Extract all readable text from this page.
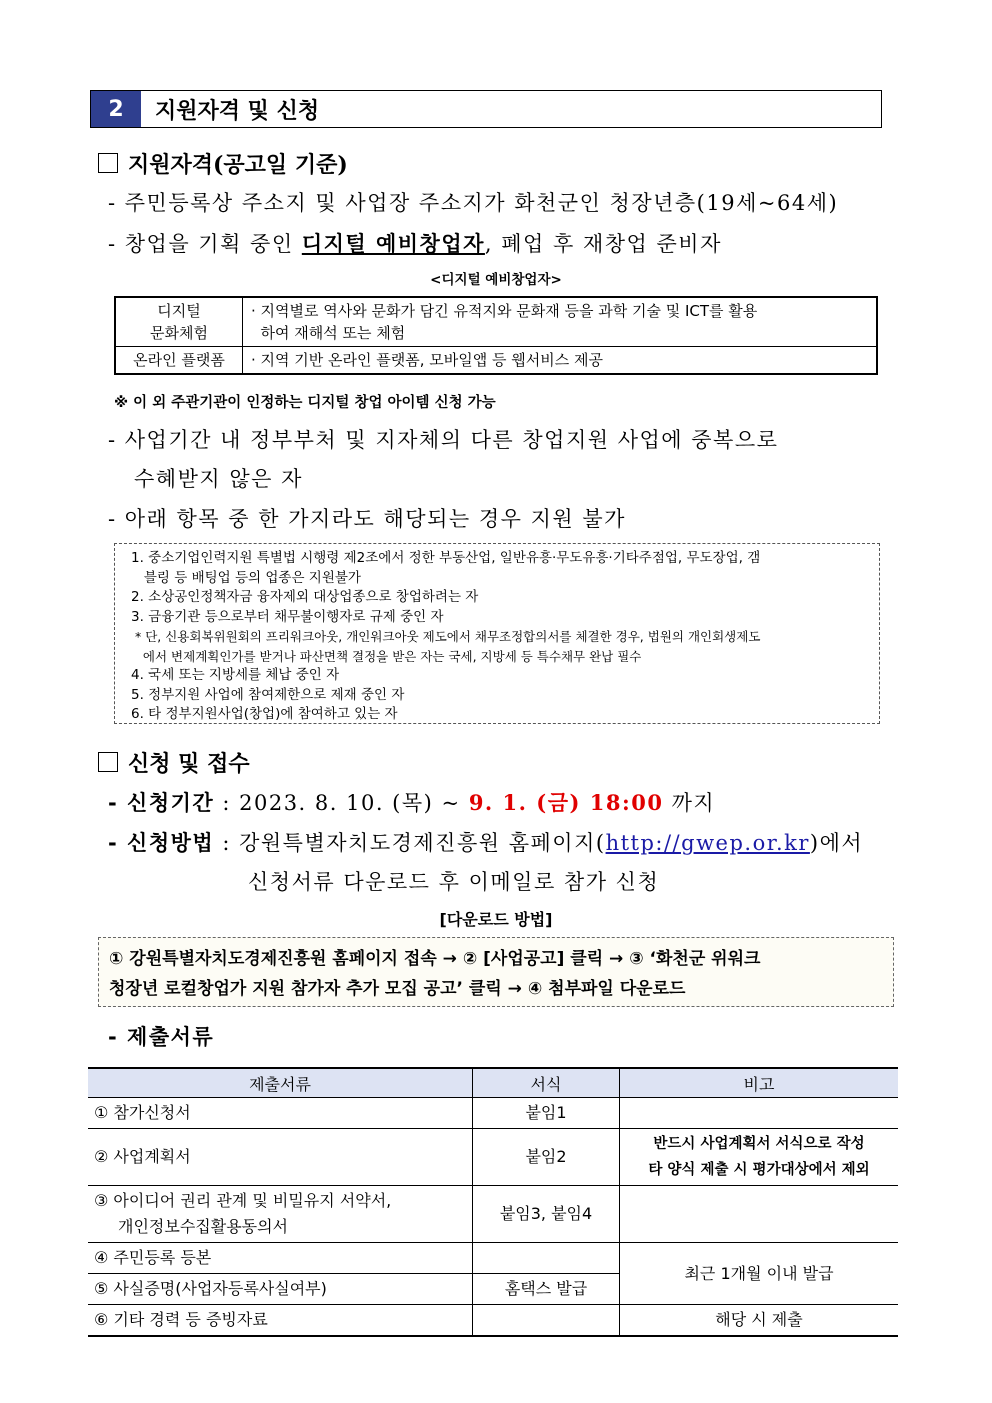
2	지원자격 및 신청
지원자격(공고일 기준)
- 주민등록상 주소지 및 사업장 주소지가 화천군인 청장년층(19세~64세)
- 창업을 기획 중인 디지털 예비창업자, 폐업 후 재창업 준비자
<디지털 예비창업자>
디지털
문화체험	· 지역별로 역사와 문화가 담긴 유적지와 문화재 등을 과학 기술 및 ICT를 활용
하여 재해석 또는 체험
온라인 플랫폼	· 지역 기반 온라인 플랫폼, 모바일앱 등 웹서비스 제공
※ 이 외 주관기관이 인정하는 디지털 창업 아이템 신청 가능
- 사업기간 내 정부부처 및 지자체의 다른 창업지원 사업에 중복으로
수혜받지 않은 자
- 아래 항목 중 한 가지라도 해당되는 경우 지원 불가
1. 중소기업인력지원 특별법 시행령 제2조에서 정한 부동산업, 일반유흥·무도유흥·기타주점업, 무도장업, 갬
블링 등 배팅업 등의 업종은 지원불가
2. 소상공인정책자금 융자제외 대상업종으로 창업하려는 자
3. 금융기관 등으로부터 채무불이행자로 규제 중인 자
* 단, 신용회복위원회의 프리워크아웃, 개인워크아웃 제도에서 채무조정합의서를 체결한 경우, 법원의 개인회생제도
에서 변제계획인가를 받거나 파산면책 결정을 받은 자는 국세, 지방세 등 특수채무 완납 필수
4. 국세 또는 지방세를 체납 중인 자
5. 정부지원 사업에 참여제한으로 제재 중인 자
6. 타 정부지원사업(창업)에 참여하고 있는 자
신청 및 접수
- 신청기간 : 2023. 8. 10. (목) ~ 9. 1. (금) 18:00 까지
- 신청방법 : 강원특별자치도경제진흥원 홈페이지(http://gwep.or.kr)에서
신청서류 다운로드 후 이메일로 참가 신청
[다운로드 방법]
① 강원특별자치도경제진흥원 홈페이지 접속 → ② [사업공고] 클릭 → ③ ‘화천군 위워크
청장년 로컬창업가 지원 참가자 추가 모집 공고’ 클릭 → ④ 첨부파일 다운로드
- 제출서류
제출서류	서식	비고
① 참가신청서	붙임1	
② 사업계획서	붙임2	반드시 사업계획서 서식으로 작성
타 양식 제출 시 평가대상에서 제외

③ 아이디어 권리 관계 및 비밀유지 서약서,
개인정보수집활용동의서	붙임3, 붙임4	
④ 주민등록 등본		최근 1개월 이내 발급
⑤ 사실증명(사업자등록사실여부)	홈택스 발급	
⑥ 기타 경력 등 증빙자료		해당 시 제출
